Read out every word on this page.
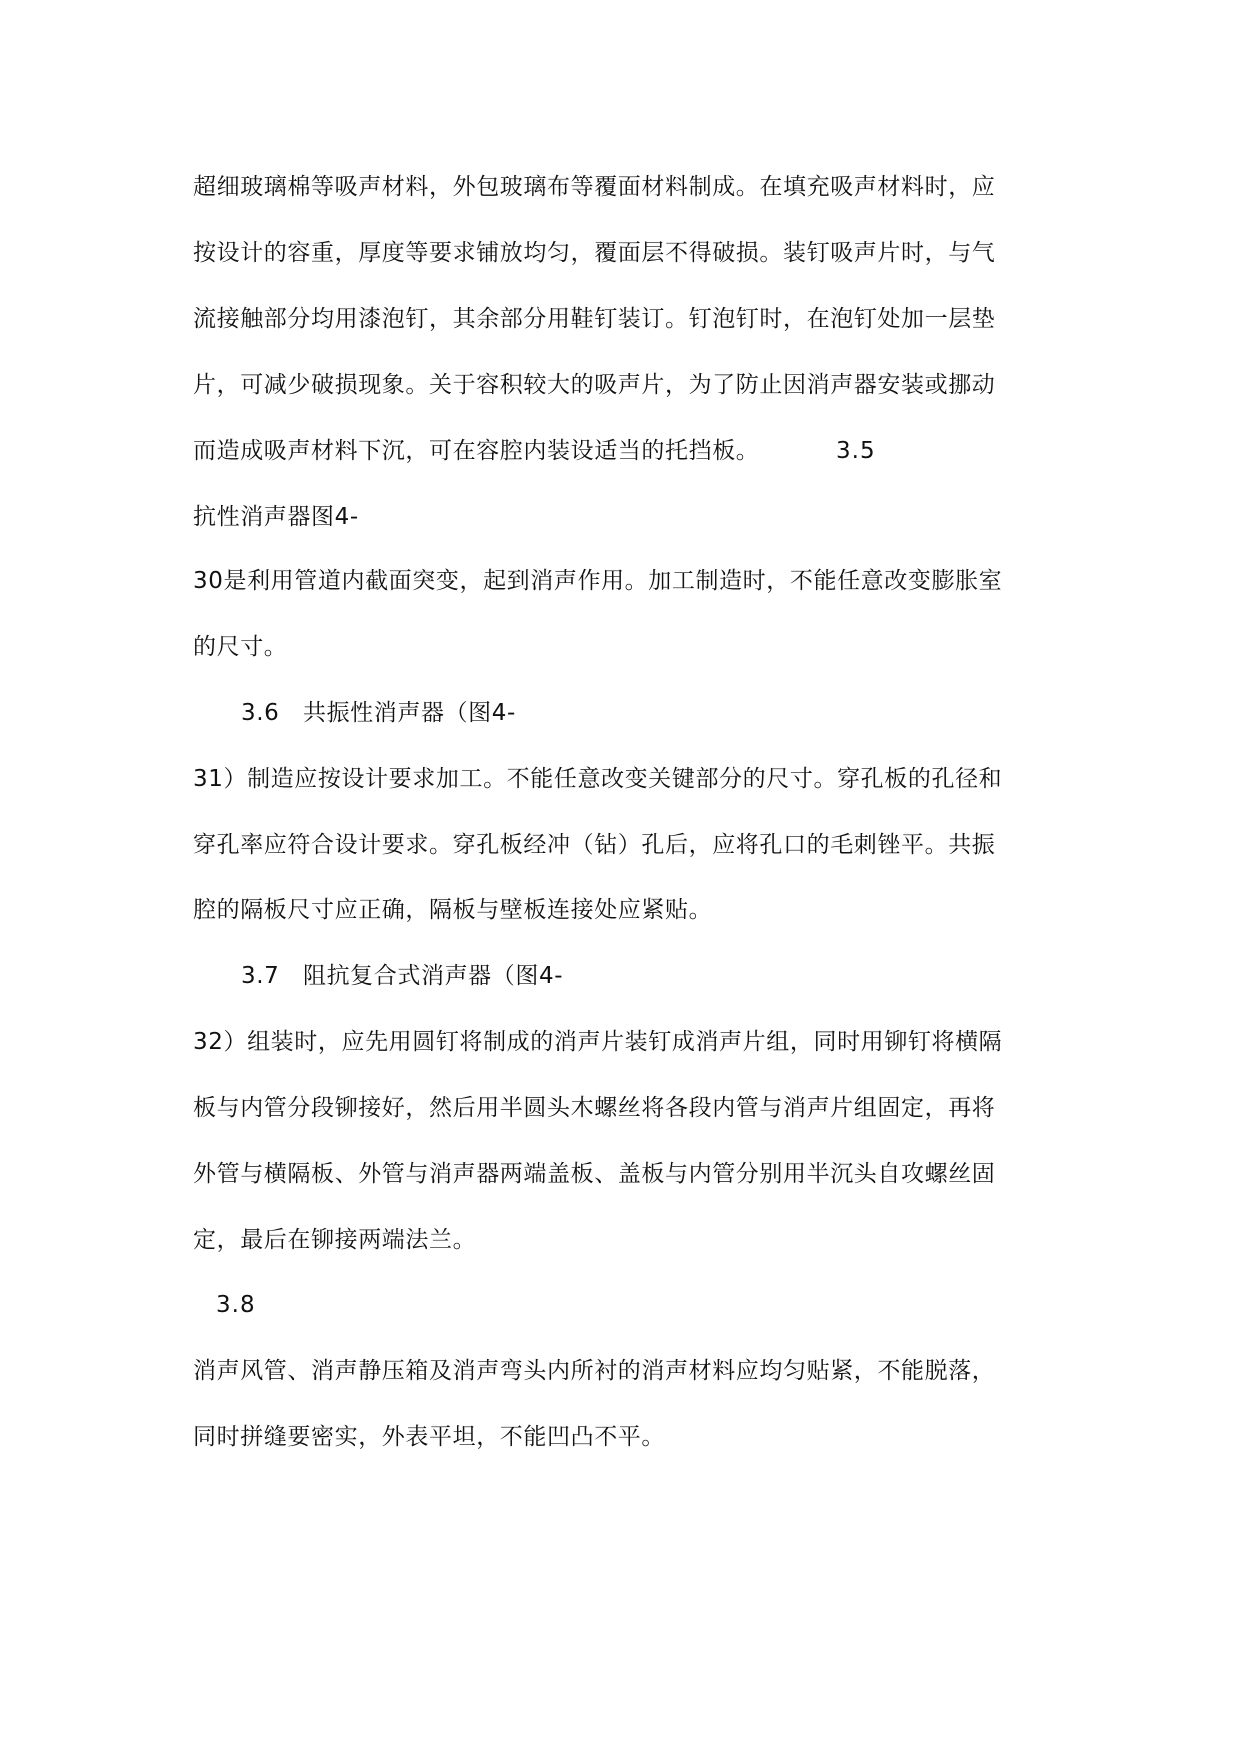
超细玻璃棉等吸声材料，外包玻璃布等覆面材料制成。在填充吸声材料时，应
按设计的容重，厚度等要求铺放均匀，覆面层不得破损。装钉吸声片时，与气
流接触部分均用漆泡钉，其余部分用鞋钉装订。钉泡钉时，在泡钉处加一层垫
片，可减少破损现象。关于容积较大的吸声片，为了防止因消声器安装或挪动
而造成吸声材料下沉，可在容腔内装设适当的托挡板。	3.5
抗性消声器图4-
30是利用管道内截面突变，起到消声作用。加工制造时，不能任意改变膨胀室
的尺寸。
3.6　共振性消声器（图4-
31）制造应按设计要求加工。不能任意改变关键部分的尺寸。穿孔板的孔径和
穿孔率应符合设计要求。穿孔板经冲（钻）孔后，应将孔口的毛刺锉平。共振
腔的隔板尺寸应正确，隔板与壁板连接处应紧贴。
3.7　阻抗复合式消声器（图4-
32）组装时，应先用圆钉将制成的消声片装钉成消声片组，同时用铆钉将横隔
板与内管分段铆接好，然后用半圆头木螺丝将各段内管与消声片组固定，再将
外管与横隔板、外管与消声器两端盖板、盖板与内管分别用半沉头自攻螺丝固
定，最后在铆接两端法兰。
3.8
消声风管、消声静压箱及消声弯头内所衬的消声材料应均匀贴紧，不能脱落，
同时拼缝要密实，外表平坦，不能凹凸不平。
